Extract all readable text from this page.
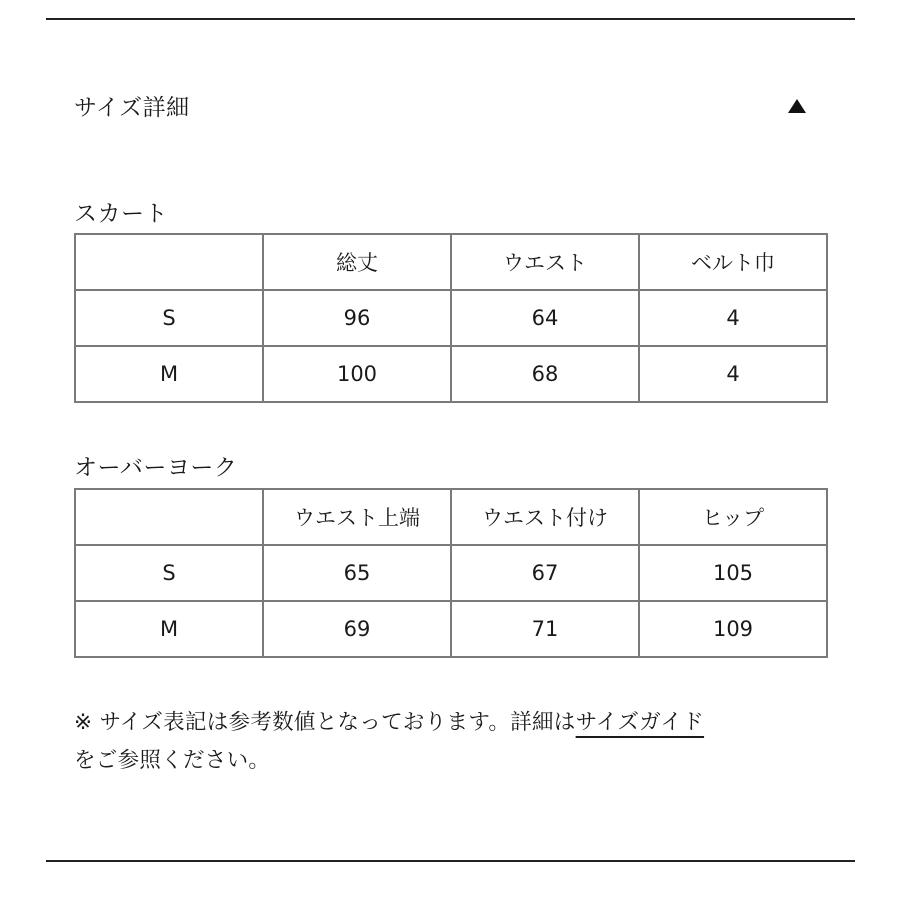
サイズ詳細
スカート
	総丈	ウエスト	ベルト巾
S	96	64	4
M	100	68	4
オーバーヨーク
	ウエスト上端	ウエスト付け	ヒップ
S	65	67	105
M	69	71	109
※ サイズ表記は参考数値となっております。詳細はサイズガイド
をご参照ください。
